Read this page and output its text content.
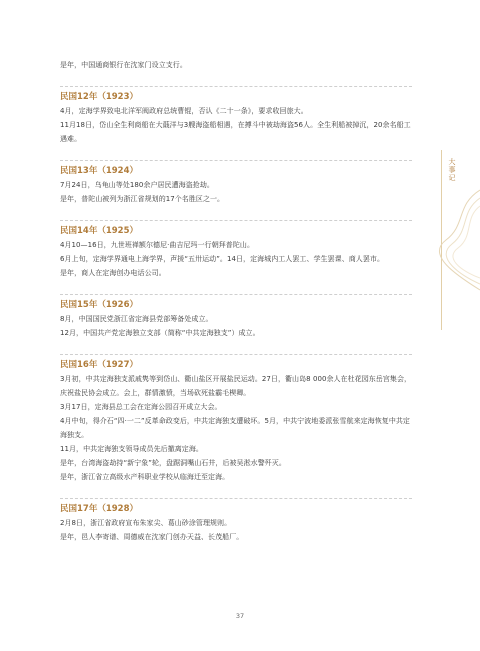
是年，中国通商银行在沈家门设立支行。

民国12年（1923）

4月，定海学界致电北洋军阀政府总统曹锟，否认《二十一条》，要求收回旅大。

11月18日，岱山全生利商船在大蕺洋与3艘海盗船相遇，在搏斗中被劫海盗56人。全生利船被掉沉，20余名船工遇难。

民国13年（1924）

7月24日，乌龟山等处180余户居民遭海盗抢劫。

是年，普陀山被列为浙江省规划的17个名胜区之一。

民国14年（1925）

4月10—16日，九世班禅额尔德尼·曲吉尼玛一行朝拜普陀山。

6月上旬，定海学界通电上海学界，声援“五卅运动”。14日，定海城内工人罢工、学生罢课、商人罢市。

是年，商人在定海创办电话公司。

民国15年（1926）

8月，中国国民党浙江省定海县党部筹备处成立。

12月，中国共产党定海独立支部（简称“中共定海独支”）成立。

民国16年（1927）

3月初，中共定海独支派戚隽等到岱山、衢山盐区开展盐民运动。27日，衢山岛8 000余人在杜花园东岳宫集会，庆祝盐民协会成立。会上，群情激愤，当场砍死盐霸毛楔卿。

3月17日，定海县总工会在定海公园召开成立大会。

4月中旬，得介石“四·一二”反革命政变后，中共定海独支遭破坏。5月，中共宁波地委派张雪航来定海恢复中共定海独支。

11月，中共定海独支领导成员先后撤离定海。

是年，台湾海盗劫持“新宁象”轮，盘踞洞嘴山石井，后被吴淞水警歼灭。

是年，浙江省立高级水产科职业学校从临海迁至定海。

民国17年（1928）

2月8日，浙江省政府宣布朱家尖、葛山砂涂管理规则。

是年，邑人李寄谱、周德威在沈家门创办天益、长茂船厂。

大事记
37
